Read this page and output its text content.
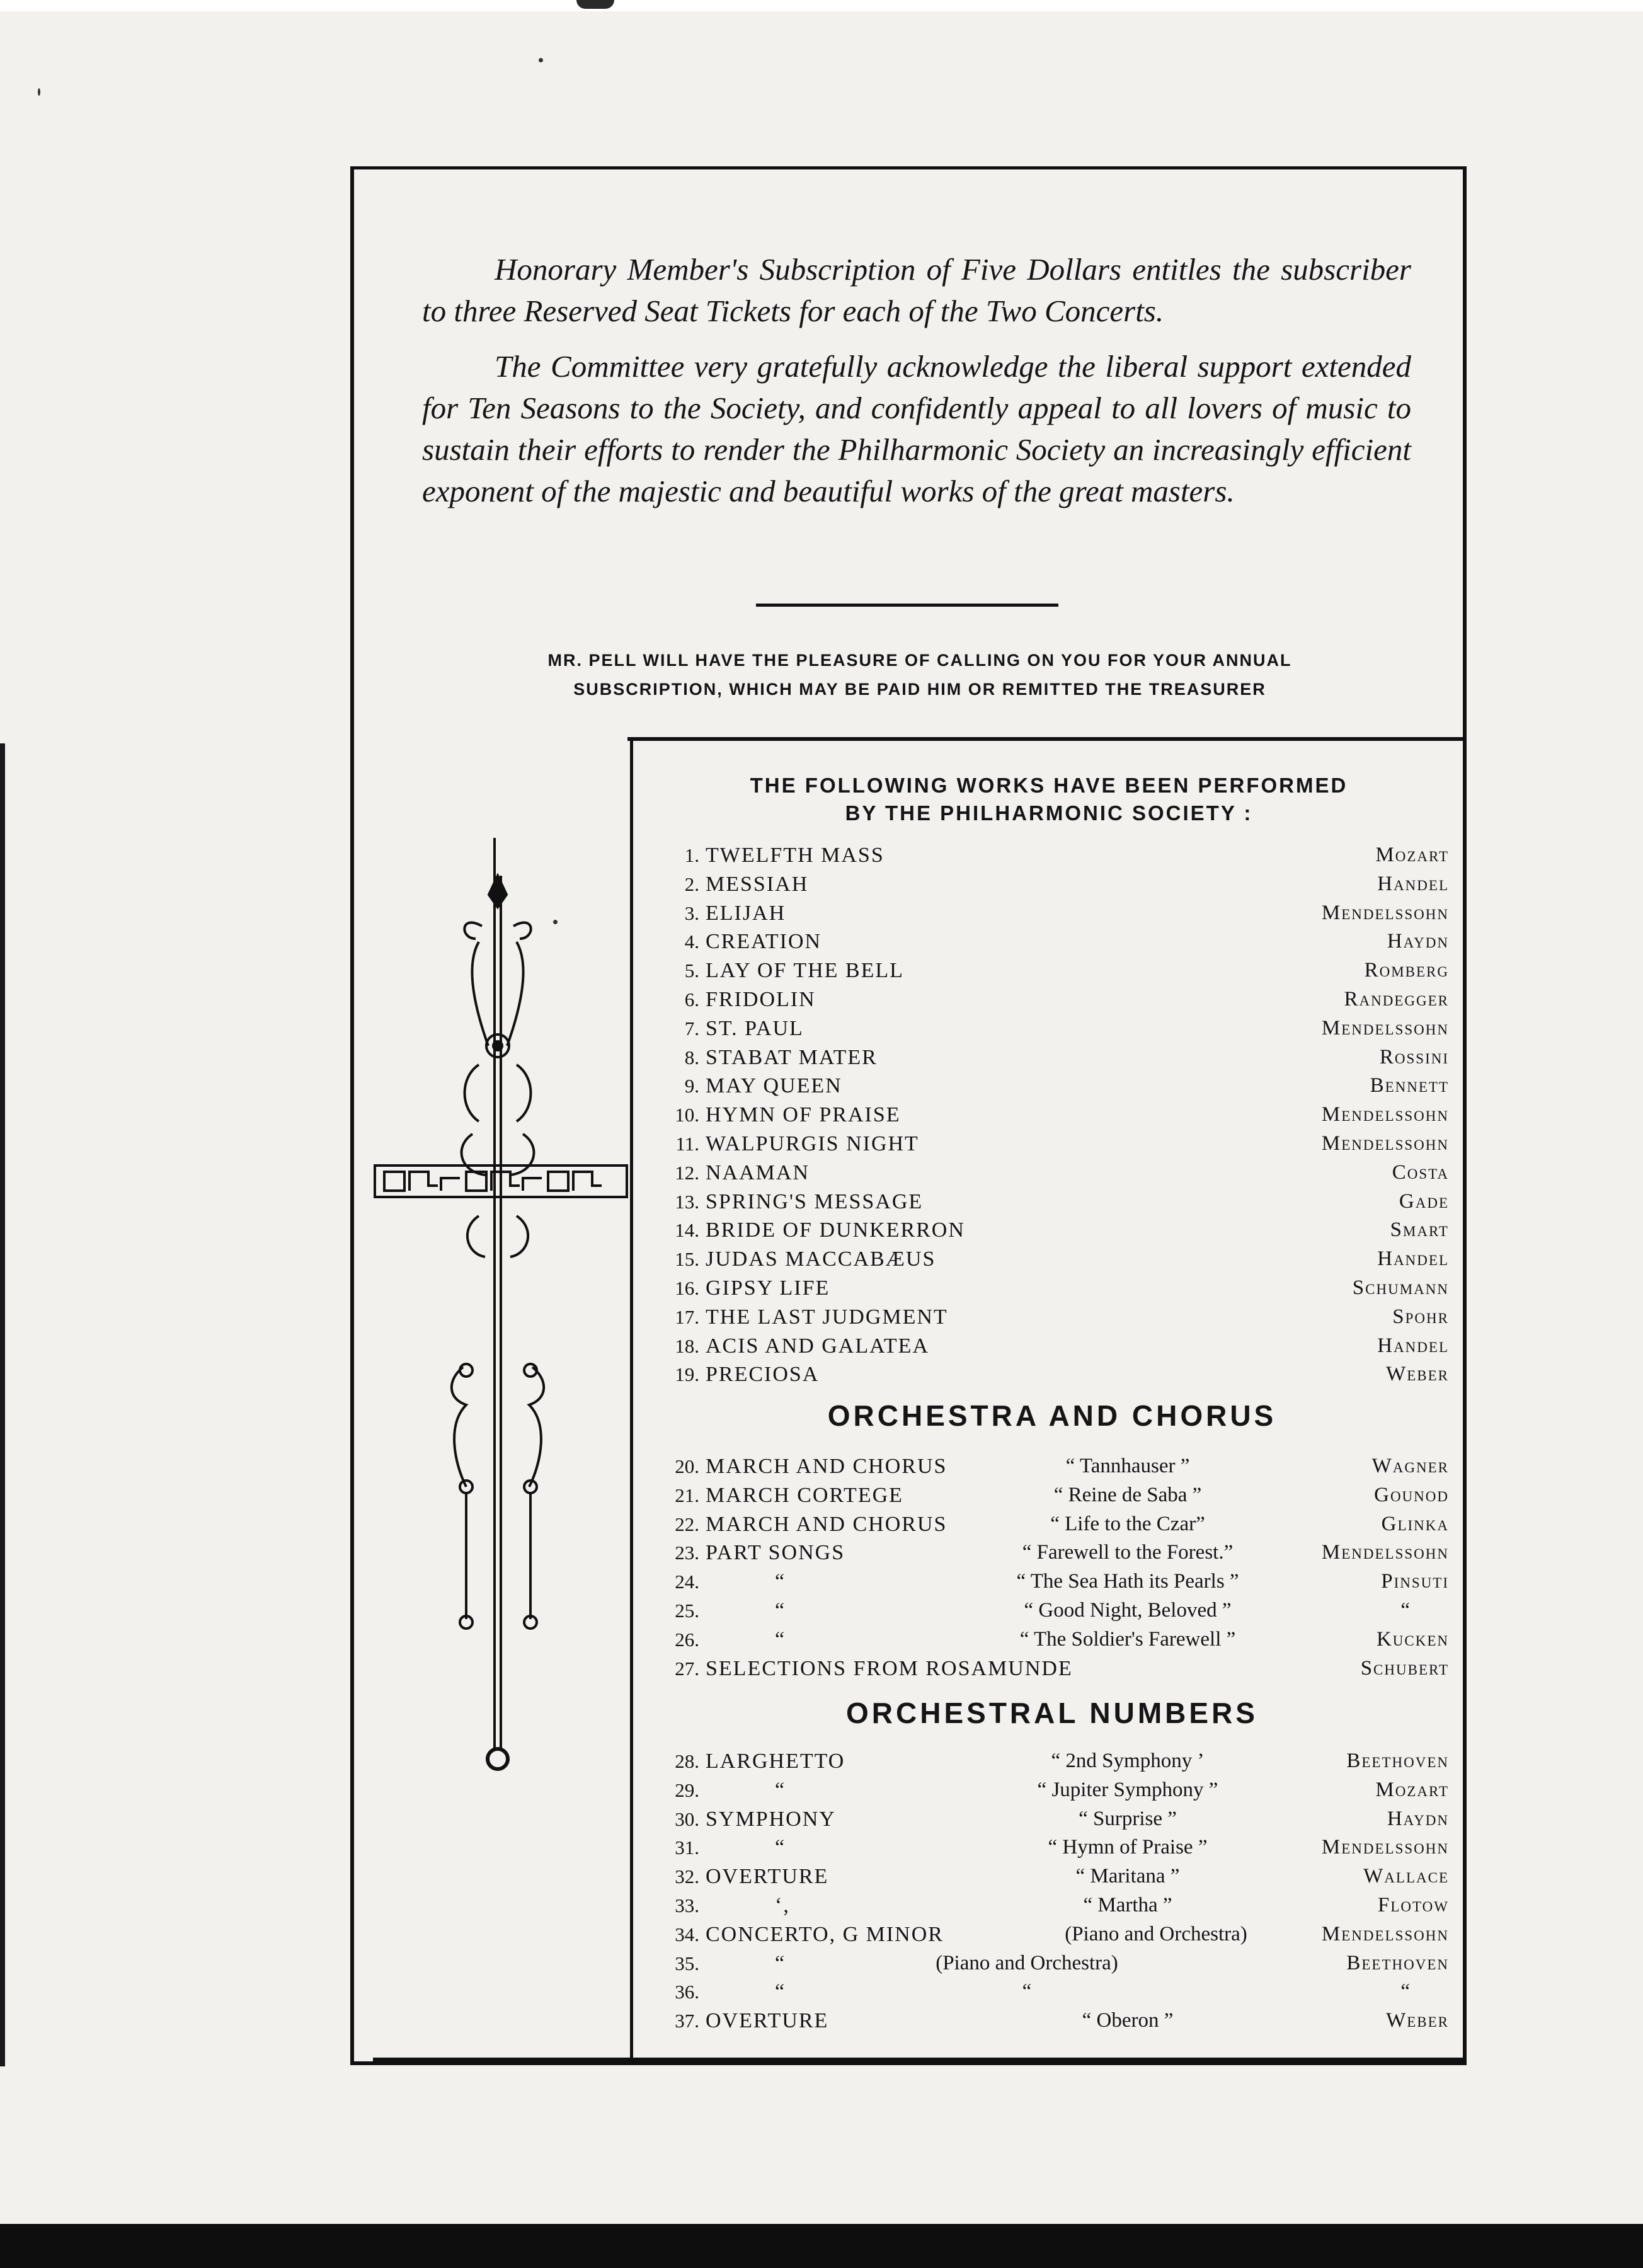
Honorary Member's Subscription of Five Dollars entitles the subscriber to three Reserved Seat Tickets for each of the Two Concerts.

The Committee very gratefully acknowledge the liberal support extended for Ten Seasons to the Society, and confidently appeal to all lovers of music to sustain their efforts to render the Philharmonic Society an increasingly efficient exponent of the majestic and beautiful works of the great masters.

MR. PELL WILL HAVE THE PLEASURE OF CALLING ON YOU FOR YOUR ANNUAL
SUBSCRIPTION, WHICH MAY BE PAID HIM OR REMITTED THE TREASURER
THE FOLLOWING WORKS HAVE BEEN PERFORMED
BY THE PHILHARMONIC SOCIETY :
1. TWELFTH MASS	Mozart
2. MESSIAH	Handel
3. ELIJAH	Mendelssohn
4. CREATION	Haydn
5. LAY OF THE BELL	Romberg
6. FRIDOLIN	Randegger
7. ST. PAUL	Mendelssohn
8. STABAT MATER	Rossini
9. MAY QUEEN	Bennett
10. HYMN OF PRAISE	Mendelssohn
11. WALPURGIS NIGHT	Mendelssohn
12. NAAMAN	Costa
13. SPRING'S MESSAGE	Gade
14. BRIDE OF DUNKERRON	Smart
15. JUDAS MACCABÆUS	Handel
16. GIPSY LIFE	Schumann
17. THE LAST JUDGMENT	Spohr
18. ACIS AND GALATEA	Handel
19. PRECIOSA	Weber
ORCHESTRA AND CHORUS
20. MARCH AND CHORUS	“ Tannhauser ”	Wagner
21. MARCH CORTEGE	“ Reine de Saba ”	Gounod
22. MARCH AND CHORUS	“ Life to the Czar”	Glinka
23. PART SONGS	“ Farewell to the Forest.”	Mendelssohn
24.	“	“ The Sea Hath its Pearls ”	Pinsuti
25.	“	“ Good Night, Beloved ”	“
26.	“	“ The Soldier's Farewell ”	Kucken
27. SELECTIONS FROM ROSAMUNDE	Schubert
ORCHESTRAL NUMBERS
28. LARGHETTO	“ 2nd Symphony ’	Beethoven
29.	“	“ Jupiter Symphony ”	Mozart
30. SYMPHONY	“ Surprise ”	Haydn
31.	“	“ Hymn of Praise ”	Mendelssohn
32. OVERTURE	“ Maritana ”	Wallace
33.	‘,	“ Martha ”	Flotow
34. CONCERTO, G MINOR	(Piano and Orchestra)	Mendelssohn
35.	“	(Piano and Orchestra)	Beethoven
36.	“	“	“
37. OVERTURE	“ Oberon ”	Weber
